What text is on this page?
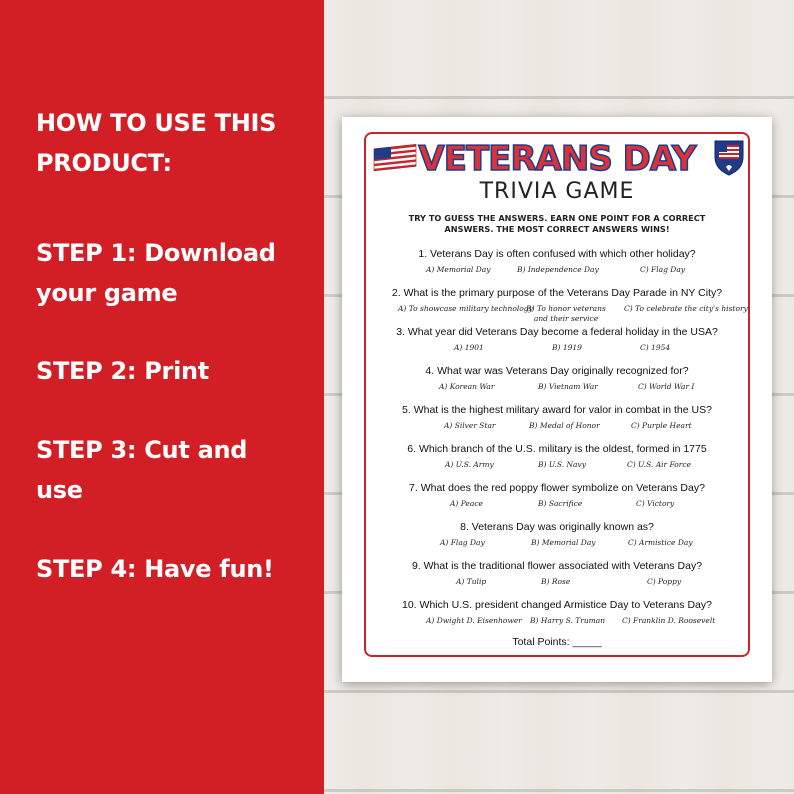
HOW TO USE THIS
PRODUCT:
STEP 1: Download
your game
STEP 2: Print
STEP 3: Cut and
use
STEP 4: Have fun!
VETERANS DAY
TRIVIA GAME
TRY TO GUESS THE ANSWERS. EARN ONE POINT FOR A CORRECT
ANSWERS. THE MOST CORRECT ANSWERS WINS!
1. Veterans Day is often confused with which other holiday?
A) Memorial Day	B) Independence Day	C) Flag Day
2. What is the primary purpose of the Veterans Day Parade in NY City?
A) To showcase military technology
B) To honor veterans and their service
C) To celebrate the city's history
3. What year did Veterans Day become a federal holiday in the USA?
A) 1901	B) 1919	C) 1954
4. What war was Veterans Day originally recognized for?
A) Korean War	B) Vietnam War	C) World War I
5. What is the highest military award for valor in combat in the US?
A) Silver Star	B) Medal of Honor	C) Purple Heart
6. Which branch of the U.S. military is the oldest, formed in 1775
A) U.S. Army	B) U.S. Navy	C) U.S. Air Force
7. What does the red poppy flower symbolize on Veterans Day?
A) Peace	B) Sacrifice	C) Victory
8. Veterans Day was originally known as?
A) Flag Day	B) Memorial Day	C) Armistice Day
9. What is the traditional flower associated with Veterans Day?
A) Tulip	B) Rose	C) Poppy
10. Which U.S. president changed Armistice Day to Veterans Day?
A) Dwight D. Eisenhower B) Harry S. Truman C) Franklin D. Roosevelt
Total Points: _____
